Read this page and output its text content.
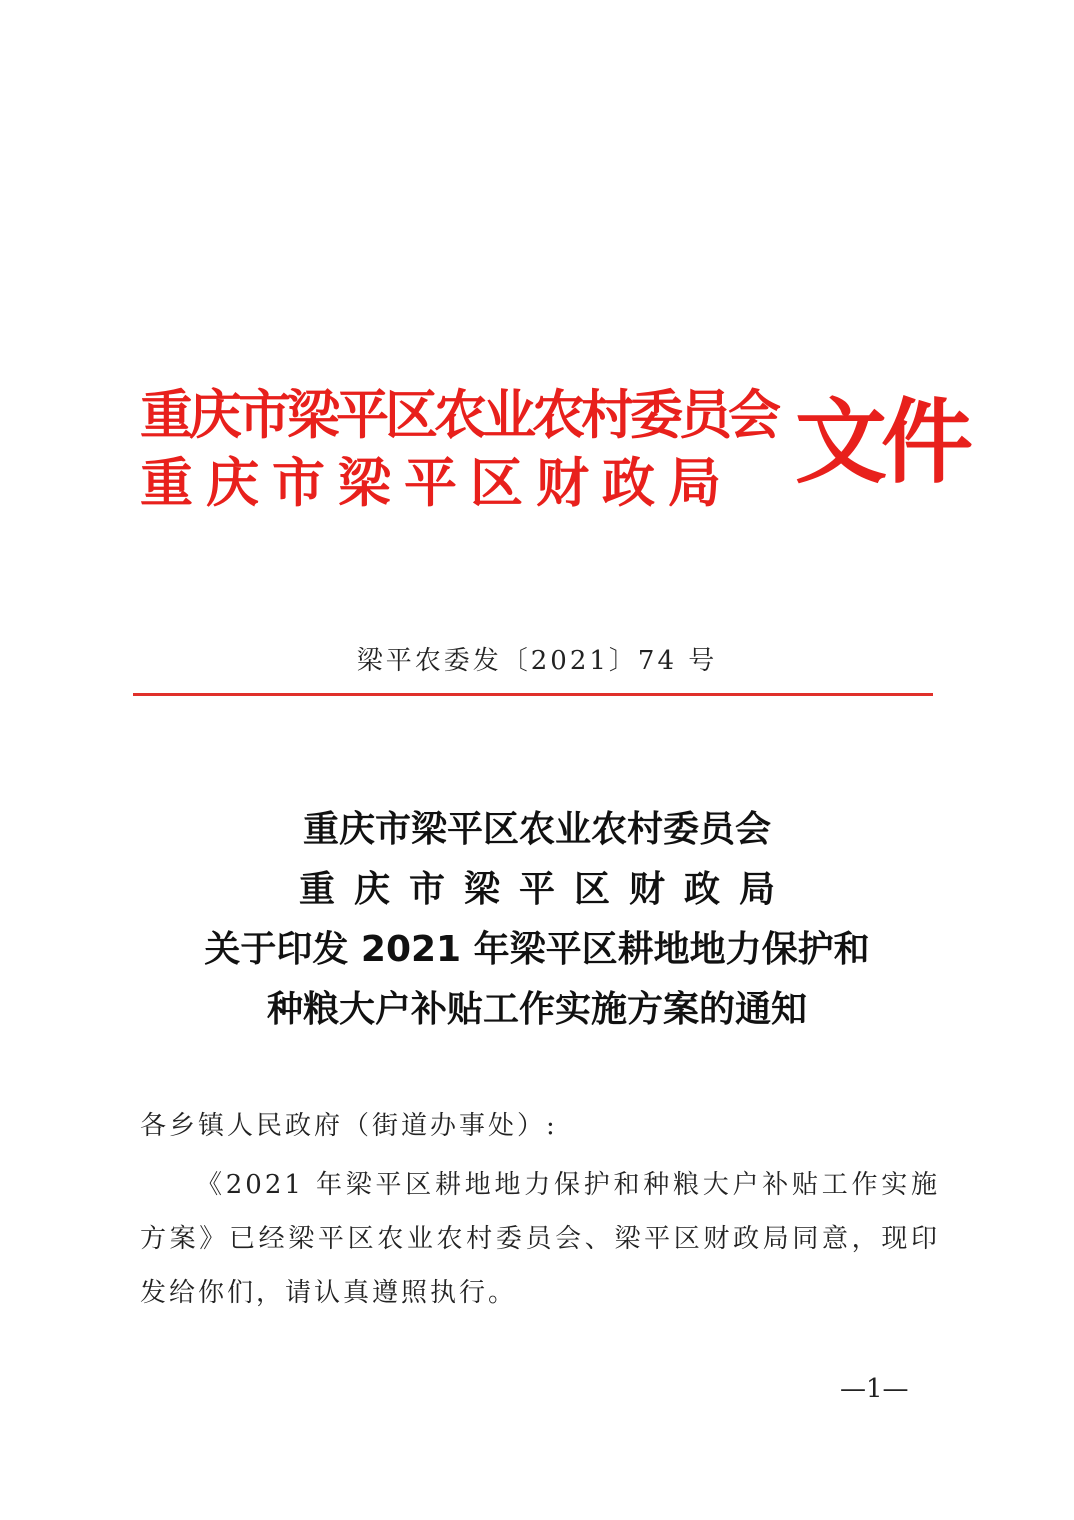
重庆市梁平区农业农村委员会
重庆市梁平区财政局 文件
梁平农委发〔2021〕74 号
重庆市梁平区农业农村委员会
重庆市梁平区财政局
关于印发 2021 年梁平区耕地地力保护和
种粮大户补贴工作实施方案的通知
各乡镇人民政府（街道办事处）:
《2021 年梁平区耕地地力保护和种粮大户补贴工作实施方案》已经梁平区农业农村委员会、梁平区财政局同意，现印发给你们，请认真遵照执行。
—1—
